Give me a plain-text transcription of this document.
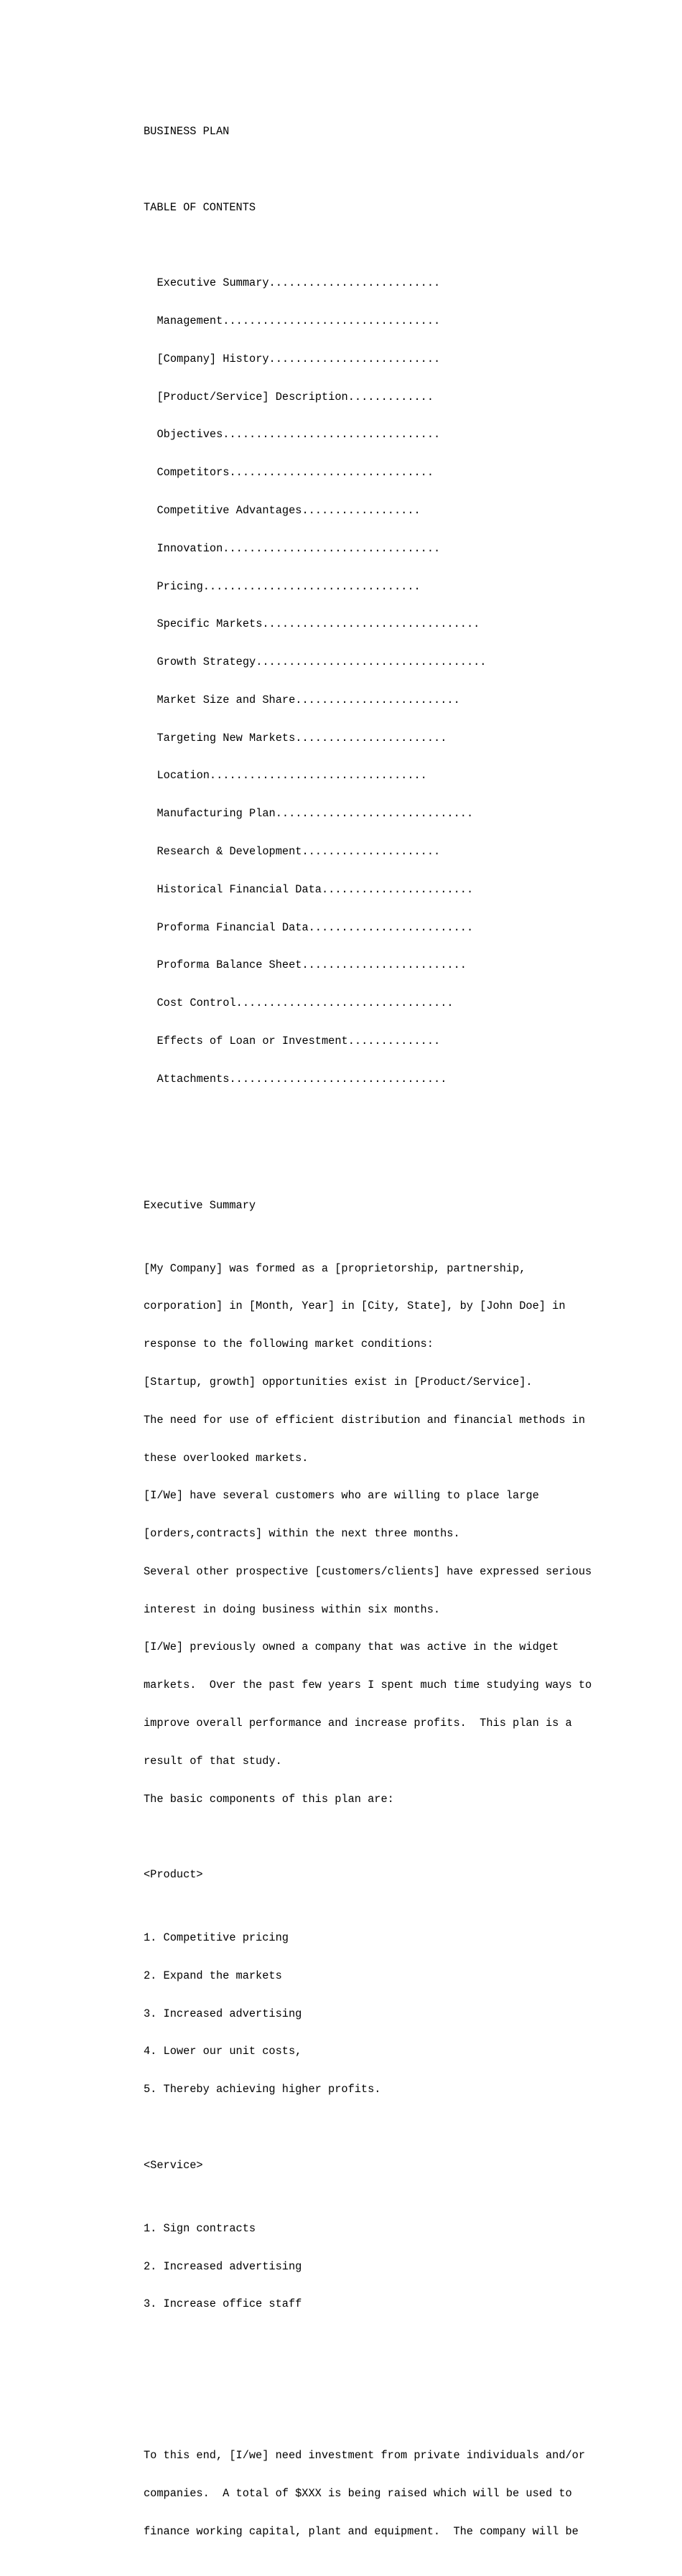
BUSINESS PLAN

TABLE OF CONTENTS

Executive Summary..........................

Management.................................

[Company] History..........................

[Product/Service] Description.............

Objectives.................................

Competitors...............................

Competitive Advantages..................

Innovation.................................

Pricing.................................

Specific Markets.................................

Growth Strategy...................................

Market Size and Share.........................

Targeting New Markets.......................

Location.................................

Manufacturing Plan..............................

Research & Development.....................

Historical Financial Data.......................

Proforma Financial Data.........................

Proforma Balance Sheet.........................

Cost Control.................................

Effects of Loan or Investment..............

Attachments.................................

Executive Summary

[My Company] was formed as a [proprietorship, partnership,

corporation] in [Month, Year] in [City, State], by [John Doe] in

response to the following market conditions:

[Startup, growth] opportunities exist in [Product/Service].

The need for use of efficient distribution and financial methods in

these overlooked markets.

[I/We] have several customers who are willing to place large

[orders,contracts] within the next three months.

Several other prospective [customers/clients] have expressed serious

interest in doing business within six months.

[I/We] previously owned a company that was active in the widget

markets.  Over the past few years I spent much time studying ways to

improve overall performance and increase profits.  This plan is a

result of that study.

The basic components of this plan are:

<Product>

1. Competitive pricing

2. Expand the markets

3. Increased advertising

4. Lower our unit costs,

5. Thereby achieving higher profits.

<Service>

1. Sign contracts

2. Increased advertising

3. Increase office staff

To this end, [I/we] need investment from private individuals and/or

companies.  A total of $XXX is being raised which will be used to

finance working capital, plant and equipment.  The company will be
